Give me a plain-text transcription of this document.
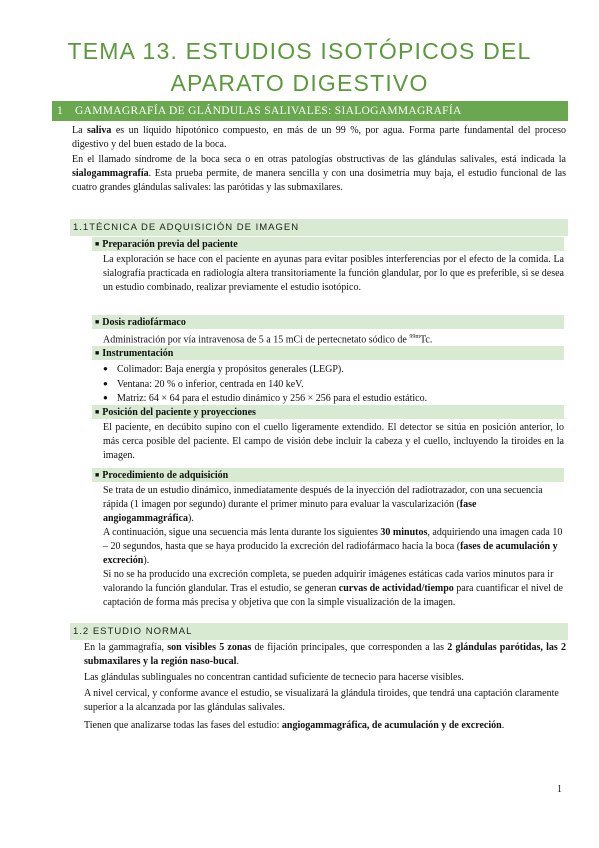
TEMA 13. ESTUDIOS ISOTÓPICOS DEL
APARATO DIGESTIVO
1 GAMMAGRAFÍA DE GLÁNDULAS SALIVALES: SIALOGAMMAGRAFÍA

La saliva es un líquido hipotónico compuesto, en más de un 99 %, por agua. Forma parte fundamental del proceso digestivo y del buen estado de la boca.

En el llamado síndrome de la boca seca o en otras patologías obstructivas de las glándulas salivales, está indicada la sialogammagrafía. Esta prueba permite, de manera sencilla y con una dosimetría muy baja, el estudio funcional de las cuatro grandes glándulas salivales: las parótidas y las submaxilares.

1.1TÉCNICA DE ADQUISICIÓN DE IMAGEN
■ Preparación previa del paciente

La exploración se hace con el paciente en ayunas para evitar posibles interferencias por el efecto de la comida. La sialografía practicada en radiología altera transitoriamente la función glandular, por lo que es preferible, si se desea un estudio combinado, realizar previamente el estudio isotópico.

■ Dosis radiofármaco

Administración por vía intravenosa de 5 a 15 mCi de pertecnetato sódico de $^{99m}$Tc.

■ Instrumentación
● Colimador: Baja energía y propósitos generales (LEGP).
● Ventana: 20 % o inferior, centrada en 140 keV.
● Matriz: 64 × 64 para el estudio dinámico y 256 × 256 para el estudio estático.
■ Posición del paciente y proyecciones

El paciente, en decúbito supino con el cuello ligeramente extendido. El detector se sitúa en posición anterior, lo más cerca posible del paciente. El campo de visión debe incluir la cabeza y el cuello, incluyendo la tiroides en la imagen.

■ Procedimiento de adquisición

Se trata de un estudio dinámico, inmediatamente después de la inyección del radiotrazador, con una secuencia rápida (1 imagen por segundo) durante el primer minuto para evaluar la vascularización (fase angiogammagráfica).

A continuación, sigue una secuencia más lenta durante los siguientes 30 minutos, adquiriendo una imagen cada 10 – 20 segundos, hasta que se haya producido la excreción del radiofármaco hacia la boca (fases de acumulación y excreción).

Si no se ha producido una excreción completa, se pueden adquirir imágenes estáticas cada varios minutos para ir valorando la función glandular. Tras el estudio, se generan curvas de actividad/tiempo para cuantificar el nivel de captación de forma más precisa y objetiva que con la simple visualización de la imagen.

1.2 ESTUDIO NORMAL

En la gammagrafía, son visibles 5 zonas de fijación principales, que corresponden a las 2 glándulas parótidas, las 2 submaxilares y la región naso-bucal.

Las glándulas sublinguales no concentran cantidad suficiente de tecnecio para hacerse visibles.

A nivel cervical, y conforme avance el estudio, se visualizará la glándula tiroides, que tendrá una captación claramente superior a la alcanzada por las glándulas salivales.

Tienen que analizarse todas las fases del estudio: angiogammagráfica, de acumulación y de excreción.

1
